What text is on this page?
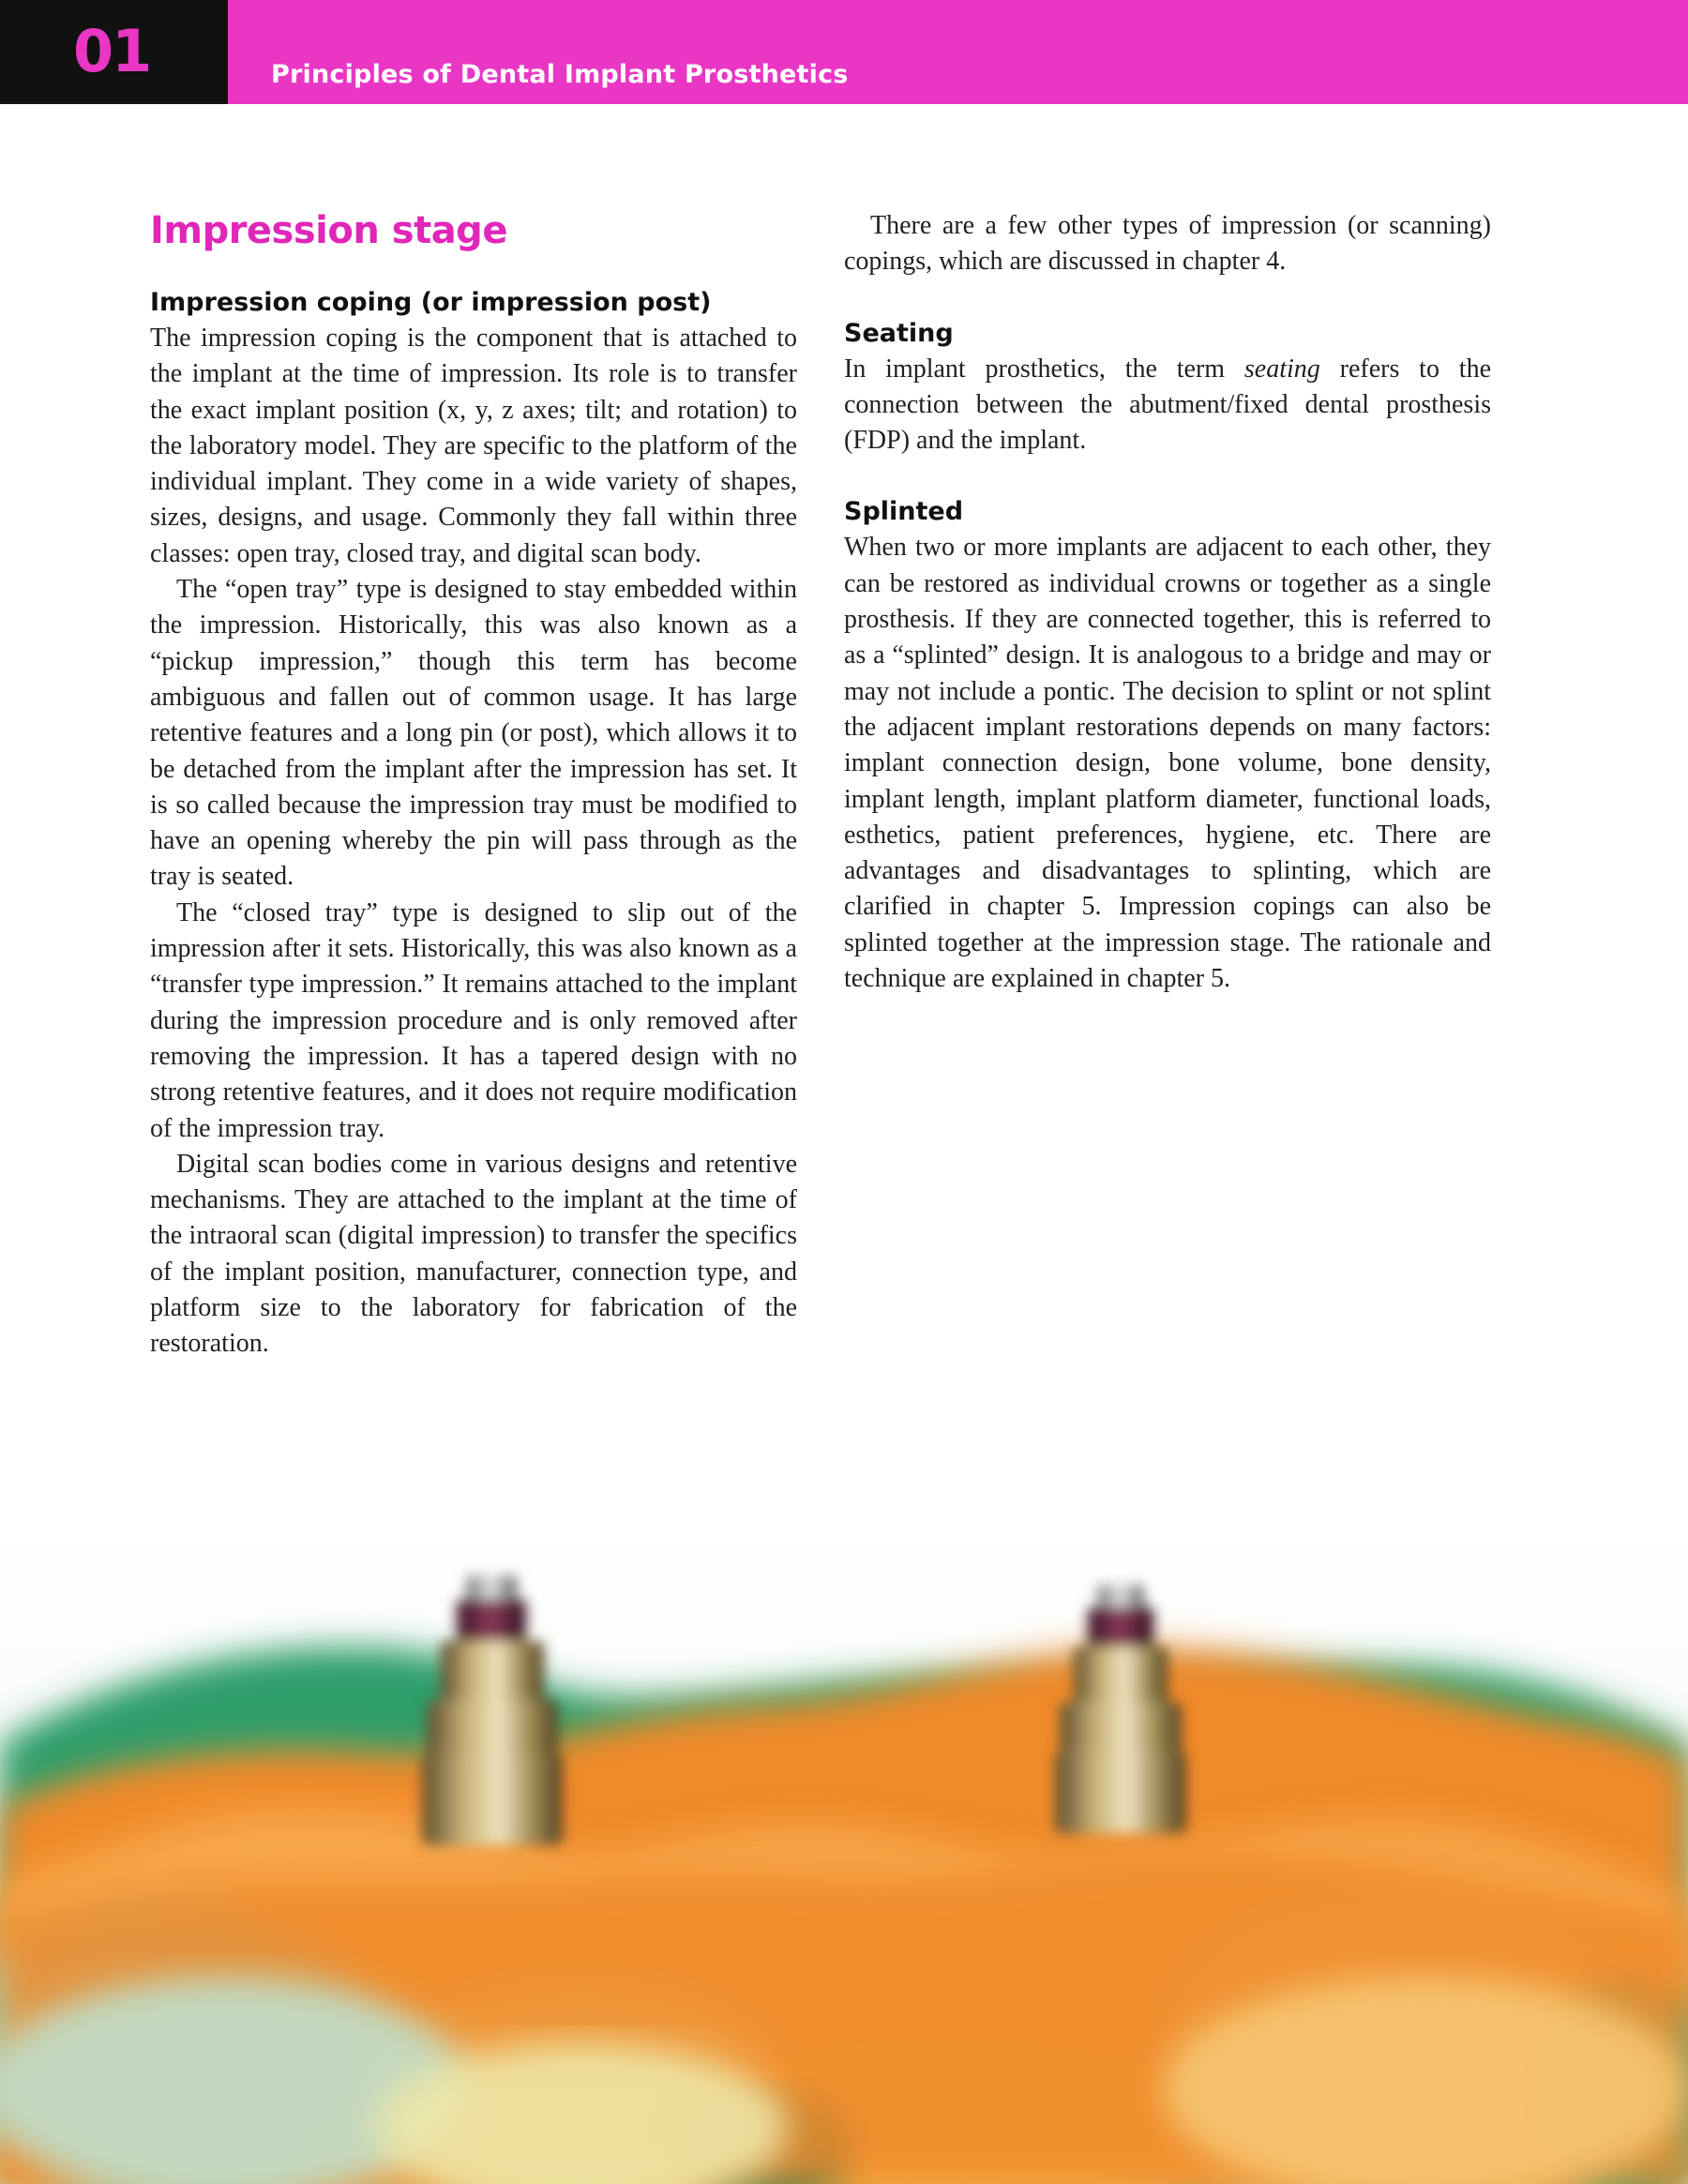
01	Principles of Dental Implant Prosthetics
Impression stage
Impression coping (or impression post)

The impression coping is the component that is attached to the implant at the time of impression. Its role is to transfer the exact implant position (x, y, z axes; tilt; and rotation) to the laboratory model. They are specific to the platform of the individual implant. They come in a wide variety of shapes, sizes, designs, and usage. Commonly they fall within three classes: open tray, closed tray, and digital scan body.

The “open tray” type is designed to stay embedded within the impression. Historically, this was also known as a “pickup impression,” though this term has become ambiguous and fallen out of common usage. It has large retentive features and a long pin (or post), which allows it to be detached from the implant after the impression has set. It is so called because the impression tray must be modified to have an opening whereby the pin will pass through as the tray is seated.

The “closed tray” type is designed to slip out of the impression after it sets. Historically, this was also known as a “transfer type impression.” It remains attached to the implant during the impression procedure and is only removed after removing the impression. It has a tapered design with no strong retentive features, and it does not require modification of the impression tray.

Digital scan bodies come in various designs and retentive mechanisms. They are attached to the implant at the time of the intraoral scan (digital impression) to transfer the specifics of the implant position, manufacturer, connection type, and platform size to the laboratory for fabrication of the restoration.

There are a few other types of impression (or scanning) copings, which are discussed in chapter 4.

Seating

In implant prosthetics, the term seating refers to the connection between the abutment/fixed dental prosthesis (FDP) and the implant.

Splinted

When two or more implants are adjacent to each other, they can be restored as individual crowns or together as a single prosthesis. If they are connected together, this is referred to as a “splinted” design. It is analogous to a bridge and may or may not include a pontic. The decision to splint or not splint the adjacent implant restorations depends on many factors: implant connection design, bone volume, bone density, implant length, implant platform diameter, functional loads, esthetics, patient preferences, hygiene, etc. There are advantages and disadvantages to splinting, which are clarified in chapter 5. Impression copings can also be splinted together at the impression stage. The rationale and technique are explained in chapter 5.
